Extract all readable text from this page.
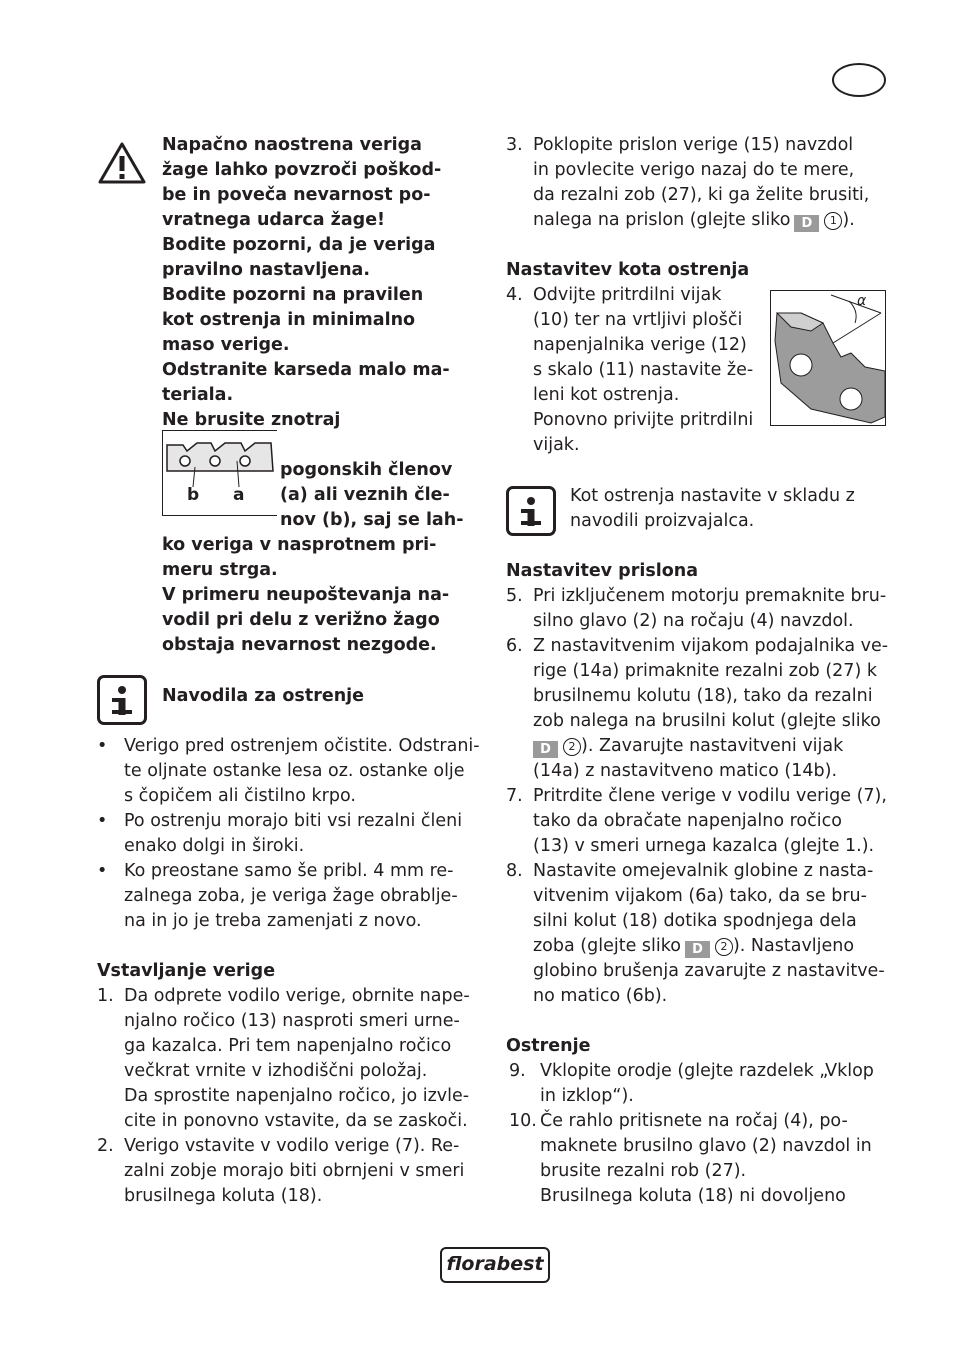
Napačno naostrena veriga
žage lahko povzroči poškod-
be in poveča nevarnost po-
vratnega udarca žage!
Bodite pozorni, da je veriga
pravilno nastavljena.
Bodite pozorni na pravilen
kot ostrenja in minimalno
maso verige.
Odstranite karseda malo ma-
teriala.
Ne brusite znotraj
pogonskih členov
(a) ali veznih čle-
nov (b), saj se lah-
ko veriga v nasprotnem pri-
meru strga.
V primeru neupoštevanja na-
vodil pri delu z verižno žago
obstaja nevarnost nezgode.
b a
Navodila za ostrenje
• Verigo pred ostrenjem očistite. Odstrani-
te oljnate ostanke lesa oz. ostanke olje
s čopičem ali čistilno krpo.
• Po ostrenju morajo biti vsi rezalni členi
enako dolgi in široki.
• Ko preostane samo še pribl. 4 mm re-
zalnega zoba, je veriga žage obrablje-
na in jo je treba zamenjati z novo.
Vstavljanje verige
1. Da odprete vodilo verige, obrnite nape-
njalno ročico (13) nasproti smeri urne-
ga kazalca. Pri tem napenjalno ročico
večkrat vrnite v izhodiščni položaj.
Da sprostite napenjalno ročico, jo izvle-
cite in ponovno vstavite, da se zaskoči.
2. Verigo vstavite v vodilo verige (7). Re-
zalni zobje morajo biti obrnjeni v smeri
brusilnega koluta (18).
3. Poklopite prislon verige (15) navzdol
in povlecite verigo nazaj do te mere,
da rezalni zob (27), ki ga želite brusiti,
nalega na prislon (glejte sliko D 1 ).
Nastavitev kota ostrenja
4. Odvijte pritrdilni vijak
(10) ter na vrtljivi plošči
napenjalnika verige (12)
s skalo (11) nastavite že-
leni kot ostrenja.
Ponovno privijte pritrdilni
vijak.
α
Kot ostrenja nastavite v skladu z
navodili proizvajalca.
Nastavitev prislona
5. Pri izključenem motorju premaknite bru-
silno glavo (2) na ročaju (4) navzdol.
6. Z nastavitvenim vijakom podajalnika ve-
rige (14a) primaknite rezalni zob (27) k
brusilnemu kolutu (18), tako da rezalni
zob nalega na brusilni kolut (glejte sliko
D 2 ). Zavarujte nastavitveni vijak
(14a) z nastavitveno matico (14b).
7. Pritrdite člene verige v vodilu verige (7),
tako da obračate napenjalno ročico
(13) v smeri urnega kazalca (glejte 1.).
8. Nastavite omejevalnik globine z nasta-
vitvenim vijakom (6a) tako, da se bru-
silni kolut (18) dotika spodnjega dela
zoba (glejte sliko D 2 ). Nastavljeno
globino brušenja zavarujte z nastavitve-
no matico (6b).
Ostrenje
9. Vklopite orodje (glejte razdelek „Vklop
in izklop“).
10. Če rahlo pritisnete na ročaj (4), po-
maknete brusilno glavo (2) navzdol in
brusite rezalni rob (27).
Brusilnega koluta (18) ni dovoljeno
florabest
